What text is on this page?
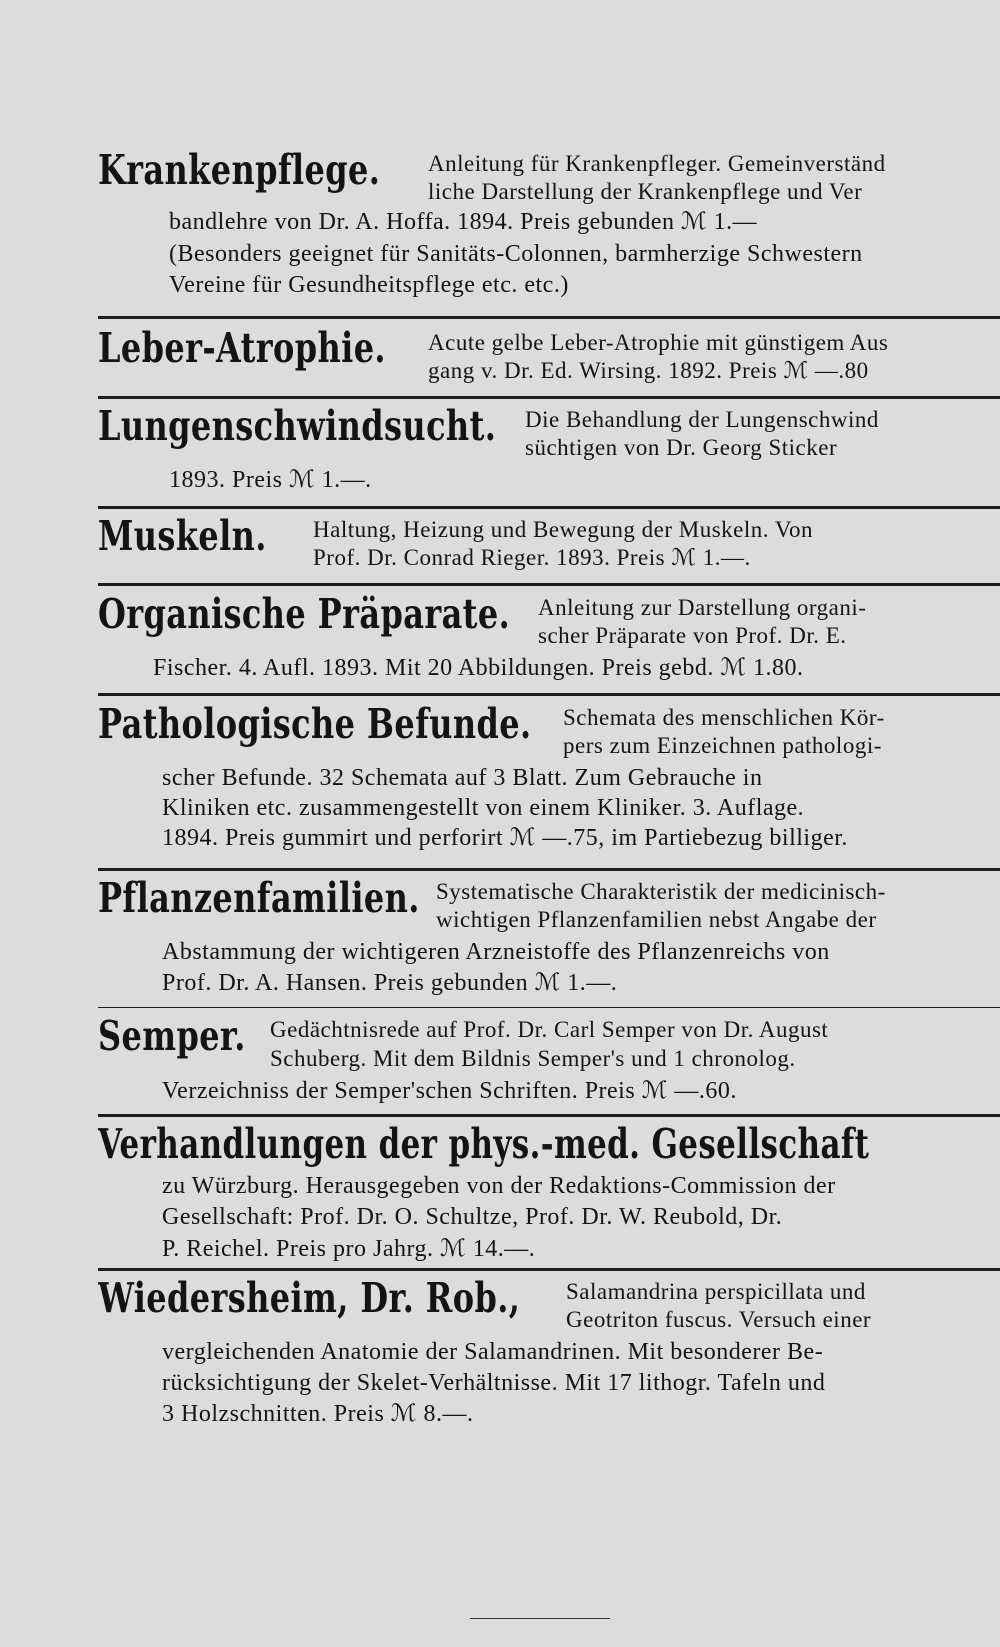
Krankenpflege. Anleitung für Krankenpfleger. Gemeinverständ
liche Darstellung der Krankenpflege und Ver
bandlehre von Dr. A. Hoffa. 1894. Preis gebunden ℳ 1.—
(Besonders geeignet für Sanitäts-Colonnen, barmherzige Schwestern
Vereine für Gesundheitspflege etc. etc.)
Leber-Atrophie. Acute gelbe Leber-Atrophie mit günstigem Aus
gang v. Dr. Ed. Wirsing. 1892. Preis ℳ —.80
Lungenschwindsucht. Die Behandlung der Lungenschwind
süchtigen von Dr. Georg Sticker
1893. Preis ℳ 1.—.
Muskeln. Haltung, Heizung und Bewegung der Muskeln. Von
Prof. Dr. Conrad Rieger. 1893. Preis ℳ 1.—.
Organische Präparate. Anleitung zur Darstellung organi-
scher Präparate von Prof. Dr. E.
Fischer. 4. Aufl. 1893. Mit 20 Abbildungen. Preis gebd. ℳ 1.80.
Pathologische Befunde. Schemata des menschlichen Kör-
pers zum Einzeichnen pathologi-
scher Befunde. 32 Schemata auf 3 Blatt. Zum Gebrauche in
Kliniken etc. zusammengestellt von einem Kliniker. 3. Auflage.
1894. Preis gummirt und perforirt ℳ —.75, im Partiebezug billiger.
Pflanzenfamilien. Systematische Charakteristik der medicinisch-
wichtigen Pflanzenfamilien nebst Angabe der
Abstammung der wichtigeren Arzneistoffe des Pflanzenreichs von
Prof. Dr. A. Hansen. Preis gebunden ℳ 1.—.
Semper. Gedächtnisrede auf Prof. Dr. Carl Semper von Dr. August
Schuberg. Mit dem Bildnis Semper's und 1 chronolog.
Verzeichniss der Semper'schen Schriften. Preis ℳ —.60.
Verhandlungen der phys.-med. Gesellschaft
zu Würzburg. Herausgegeben von der Redaktions-Commission der
Gesellschaft: Prof. Dr. O. Schultze, Prof. Dr. W. Reubold, Dr.
P. Reichel. Preis pro Jahrg. ℳ 14.—.
Wiedersheim, Dr. Rob., Salamandrina perspicillata und
Geotriton fuscus. Versuch einer
vergleichenden Anatomie der Salamandrinen. Mit besonderer Be-
rücksichtigung der Skelet-Verhältnisse. Mit 17 lithogr. Tafeln und
3 Holzschnitten. Preis ℳ 8.—.
